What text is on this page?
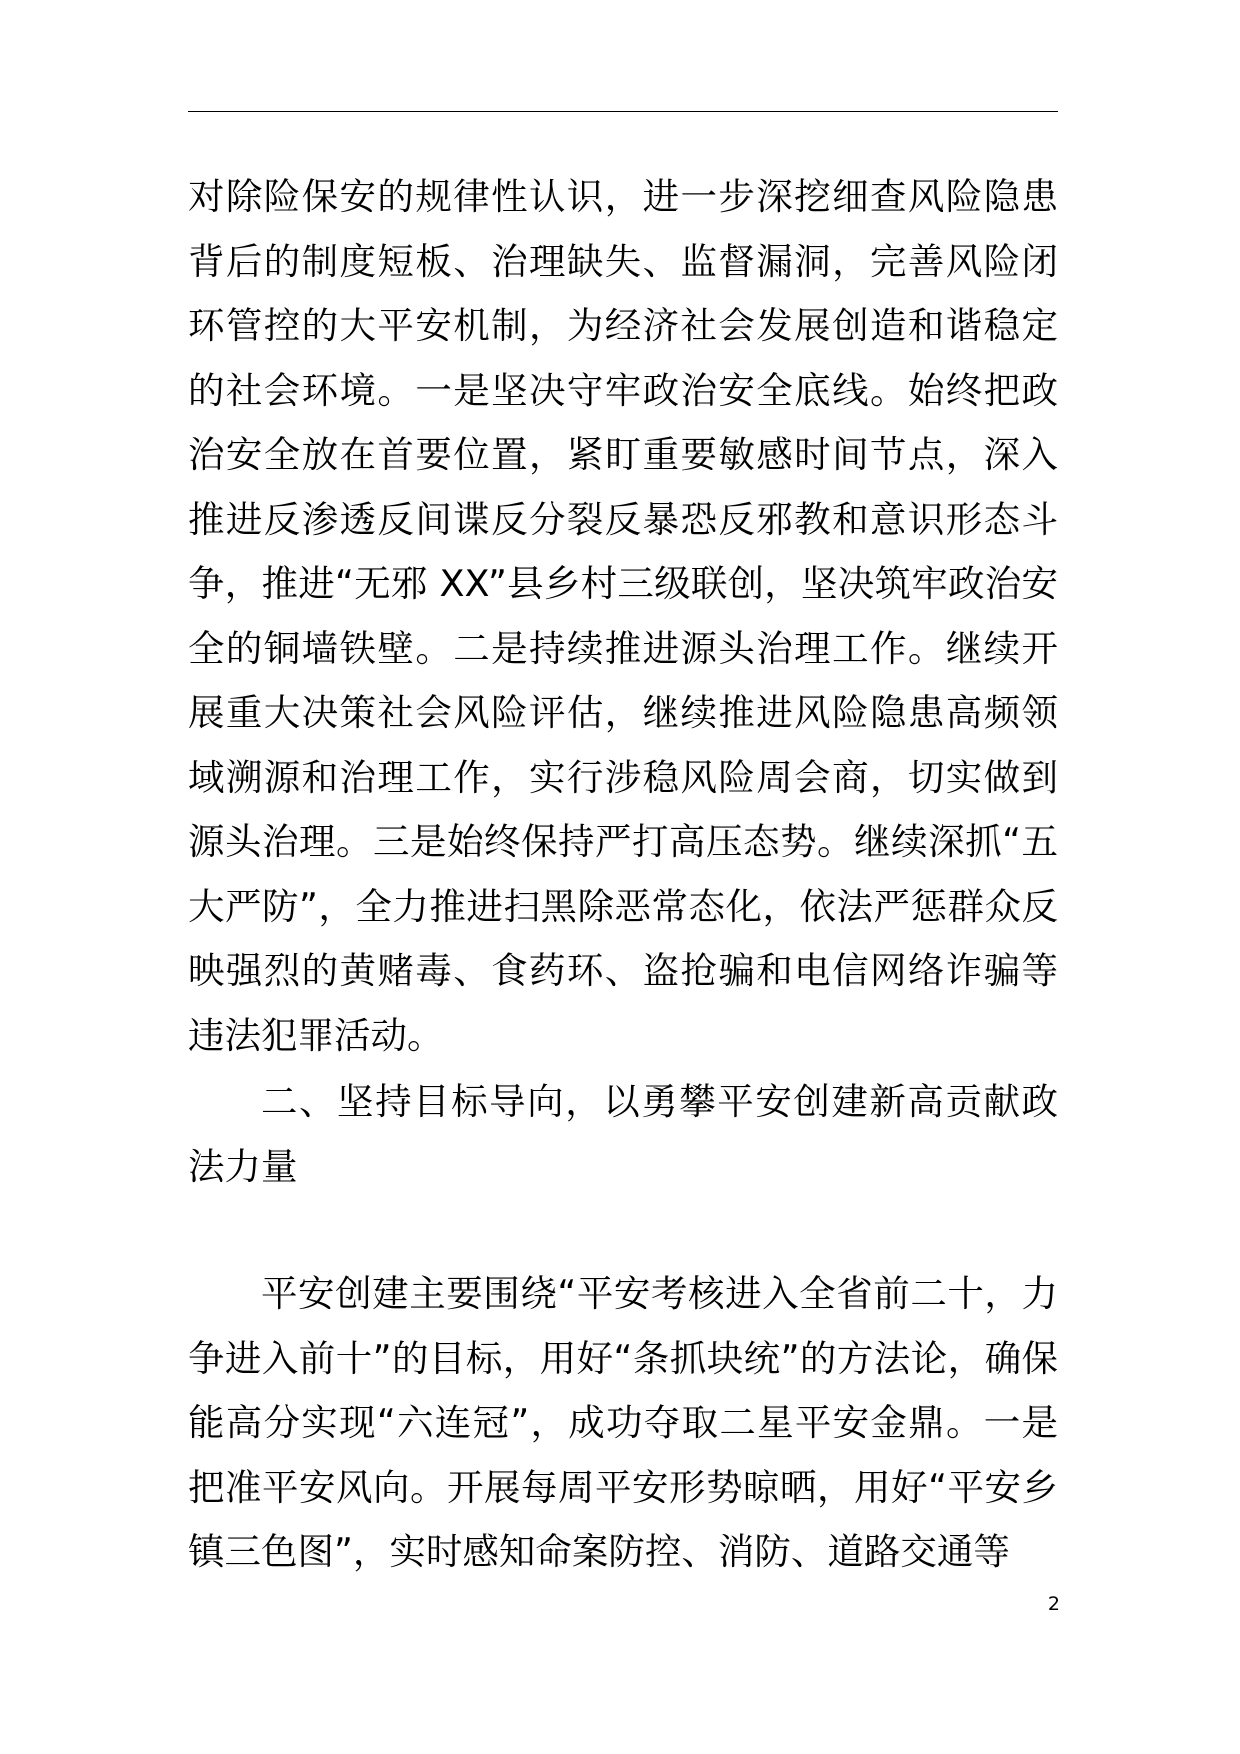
对除险保安的规律性认识，进一步深挖细查风险隐患背后的制度短板、治理缺失、监督漏洞，完善风险闭环管控的大平安机制，为经济社会发展创造和谐稳定的社会环境。一是坚决守牢政治安全底线。始终把政治安全放在首要位置，紧盯重要敏感时间节点，深入推进反渗透反间谍反分裂反暴恐反邪教和意识形态斗争，推进“无邪 XX”县乡村三级联创，坚决筑牢政治安全的铜墙铁壁。二是持续推进源头治理工作。继续开展重大决策社会风险评估，继续推进风险隐患高频领域溯源和治理工作，实行涉稳风险周会商，切实做到源头治理。三是始终保持严打高压态势。继续深抓“五大严防”，全力推进扫黑除恶常态化，依法严惩群众反映强烈的黄赌毒、食药环、盗抢骗和电信网络诈骗等违法犯罪活动。
二、坚持目标导向，以勇攀平安创建新高贡献政法力量
平安创建主要围绕“平安考核进入全省前二十，力争进入前十”的目标，用好“条抓块统”的方法论，确保能高分实现“六连冠”，成功夺取二星平安金鼎。一是把准平安风向。开展每周平安形势晾晒，用好“平安乡镇三色图”，实时感知命案防控、消防、道路交通等
2
